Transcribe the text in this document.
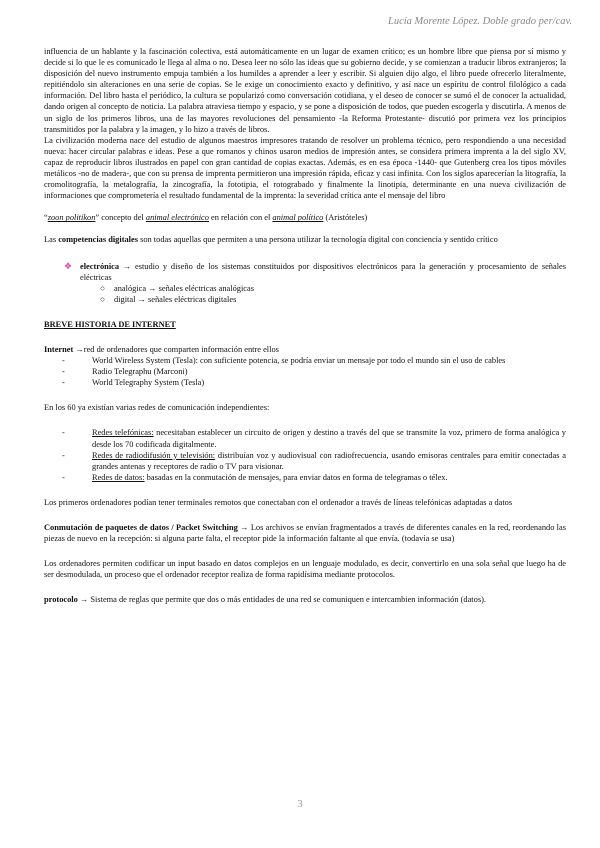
Lucía Morente López. Doble grado per/cav.

influencia de un hablante y la fascinación colectiva, está automáticamente en un lugar de examen crítico; es un hombre libre que piensa por sí mismo y decide si lo que le es comunicado le llega al alma o no. Desea leer no sólo las ideas que su gobierno decide, y se comienzan a traducir libros extranjeros; la disposición del nuevo instrumento empuja también a los humildes a aprender a leer y escribir. Si alguien dijo algo, el libro puede ofrecerlo literalmente, repitiéndolo sin alteraciones en una serie de copias. Se le exige un conocimiento exacto y definitivo, y así nace un espíritu de control filológico a cada información. Del libro hasta el periódico, la cultura se popularizó como conversación cotidiana, y el deseo de conocer se sumó el de conocer la actualidad, dando origen al concepto de noticia. La palabra atraviesa tiempo y espacio, y se pone a disposición de todos, que pueden escogerla y discutirla. A menos de un siglo de los primeros libros, una de las mayores revoluciones del pensamiento -la Reforma Protestante- discutió por primera vez los principios transmitidos por la palabra y la imagen, y lo hizo a través de libros.

La civilización moderna nace del estudio de algunos maestros impresores tratando de resolver un problema técnico, pero respondiendo a una necesidad nueva: hacer circular palabras e ideas. Pese a que romanos y chinos usaron medios de impresión antes, se considera primera imprenta a la del siglo XV, capaz de reproducir libros ilustrados en papel con gran cantidad de copias exactas. Además, es en esa época -1440- que Gutenberg crea los tipos móviles metálicos -no de madera-, que con su prensa de imprenta permitieron una impresión rápida, eficaz y casi infinita. Con los siglos aparecerían la litografía, la cromolitografía, la metalografía, la zincografía, la fototipia, el rotograbado y finalmente la linotipia, determinante en una nueva civilización de informaciones que comprometería el resultado fundamental de la imprenta: la severidad crítica ante el mensaje del libro

“zoon politikon” concepto del animal electrónico en relación con el animal político (Aristóteles)

Las competencias digitales son todas aquellas que permiten a una persona utilizar la tecnología digital con conciencia y sentido crítico

❖ electrónica → estudio y diseño de los sistemas constituidos por dispositivos electrónicos para la generación y procesamiento de señales eléctricas

○	analógica → señales eléctricas analógicas
○	digital → señales eléctricas digitales

BREVE HISTORIA DE INTERNET

Internet →red de ordenadores que comparten información entre ellos

-	World Wireless System (Tesla): con suficiente potencia, se podría enviar un mensaje por todo el mundo sin el uso de cables
-	Radio Telegraphu (Marconi)
-	World Telegraphy System (Tesla)

En los 60 ya existían varias redes de comunicación independientes:

-	Redes telefónicas: necesitaban establecer un circuito de origen y destino a través del que se transmite la voz, primero de forma analógica y desde los 70 codificada digitalmente.
-	Redes de radiodifusión y televisión: distribuían voz y audiovisual con radiofrecuencia, usando emisoras centrales para emitir conectadas a grandes antenas y receptores de radio o TV para visionar.
-	Redes de datos: basadas en la conmutación de mensajes, para enviar datos en forma de telegramas o télex.

Los primeros ordenadores podían tener terminales remotos que conectaban con el ordenador a través de líneas telefónicas adaptadas a datos

Conmutación de paquetes de datos / Packet Switching → Los archivos se envían fragmentados a través de diferentes canales en la red, reordenando las piezas de nuevo en la recepción: si alguna parte falta, el receptor pide la información faltante al que envía. (todavía se usa)

Los ordenadores permiten codificar un input basado en datos complejos en un lenguaje modulado, es decir, convertirlo en una sola señal que luego ha de ser desmodulada, un proceso que el ordenador receptor realiza de forma rapidísima mediante protocolos.

protocolo → Sistema de reglas que permite que dos o más entidades de una red se comuniquen e intercambien información (datos).

3
